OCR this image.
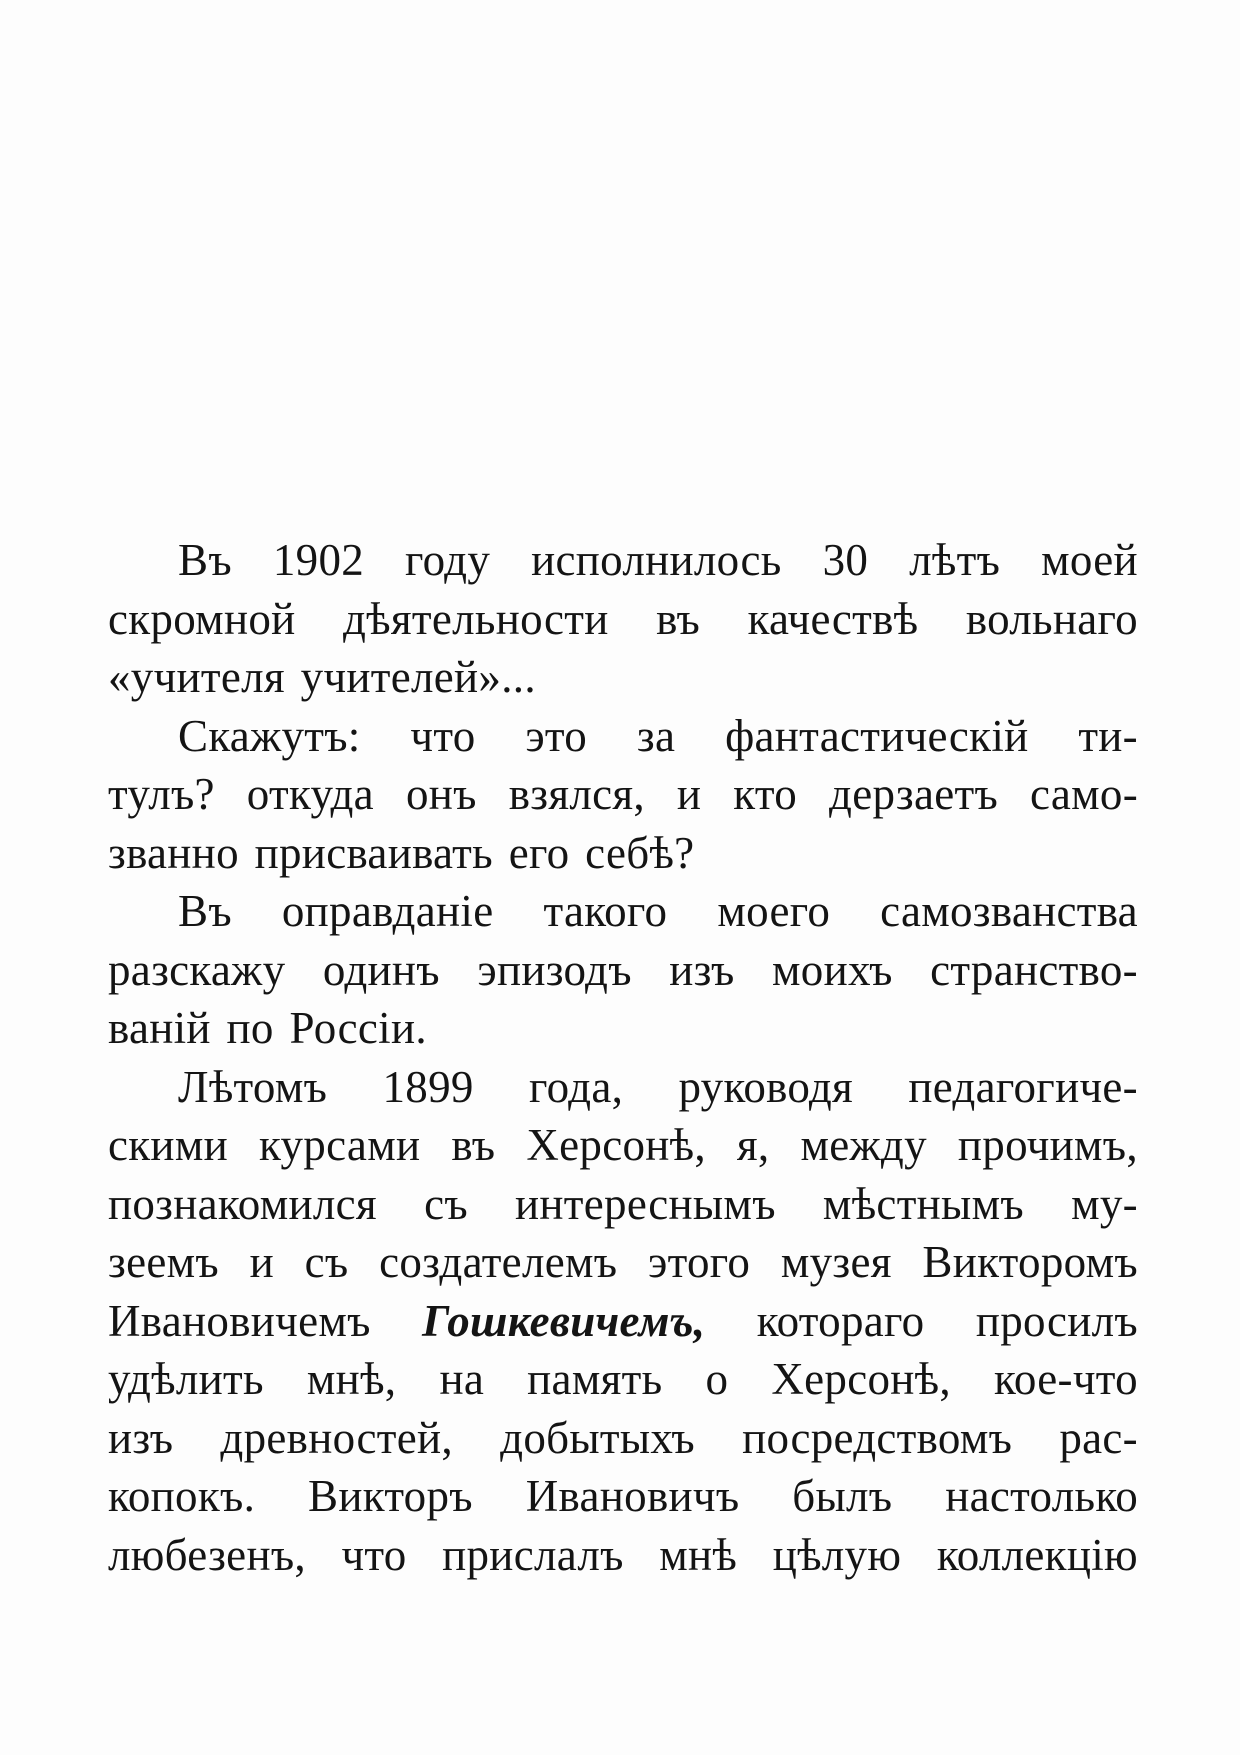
Въ 1902 году исполнилось 30 лѣтъ моей
скромной дѣятельности въ качествѣ вольнаго
«учителя учителей»...
Скажутъ: что это за фантастическій ти-
тулъ? откуда онъ взялся, и кто дерзаетъ само-
званно присваивать его себѣ?
Въ оправданіе такого моего самозванства
разскажу одинъ эпизодъ изъ моихъ странство-
ваній по Россіи.
Лѣтомъ 1899 года, руководя педагогиче-
скими курсами въ Херсонѣ, я, между прочимъ,
познакомился съ интереснымъ мѣстнымъ му-
зеемъ и съ создателемъ этого музея Викторомъ
Ивановичемъ Гошкевичемъ, котораго просилъ
удѣлить мнѣ, на память о Херсонѣ, кое-что
изъ древностей, добытыхъ посредствомъ рас-
копокъ. Викторъ Ивановичъ былъ настолько
любезенъ, что прислалъ мнѣ цѣлую коллекцію
